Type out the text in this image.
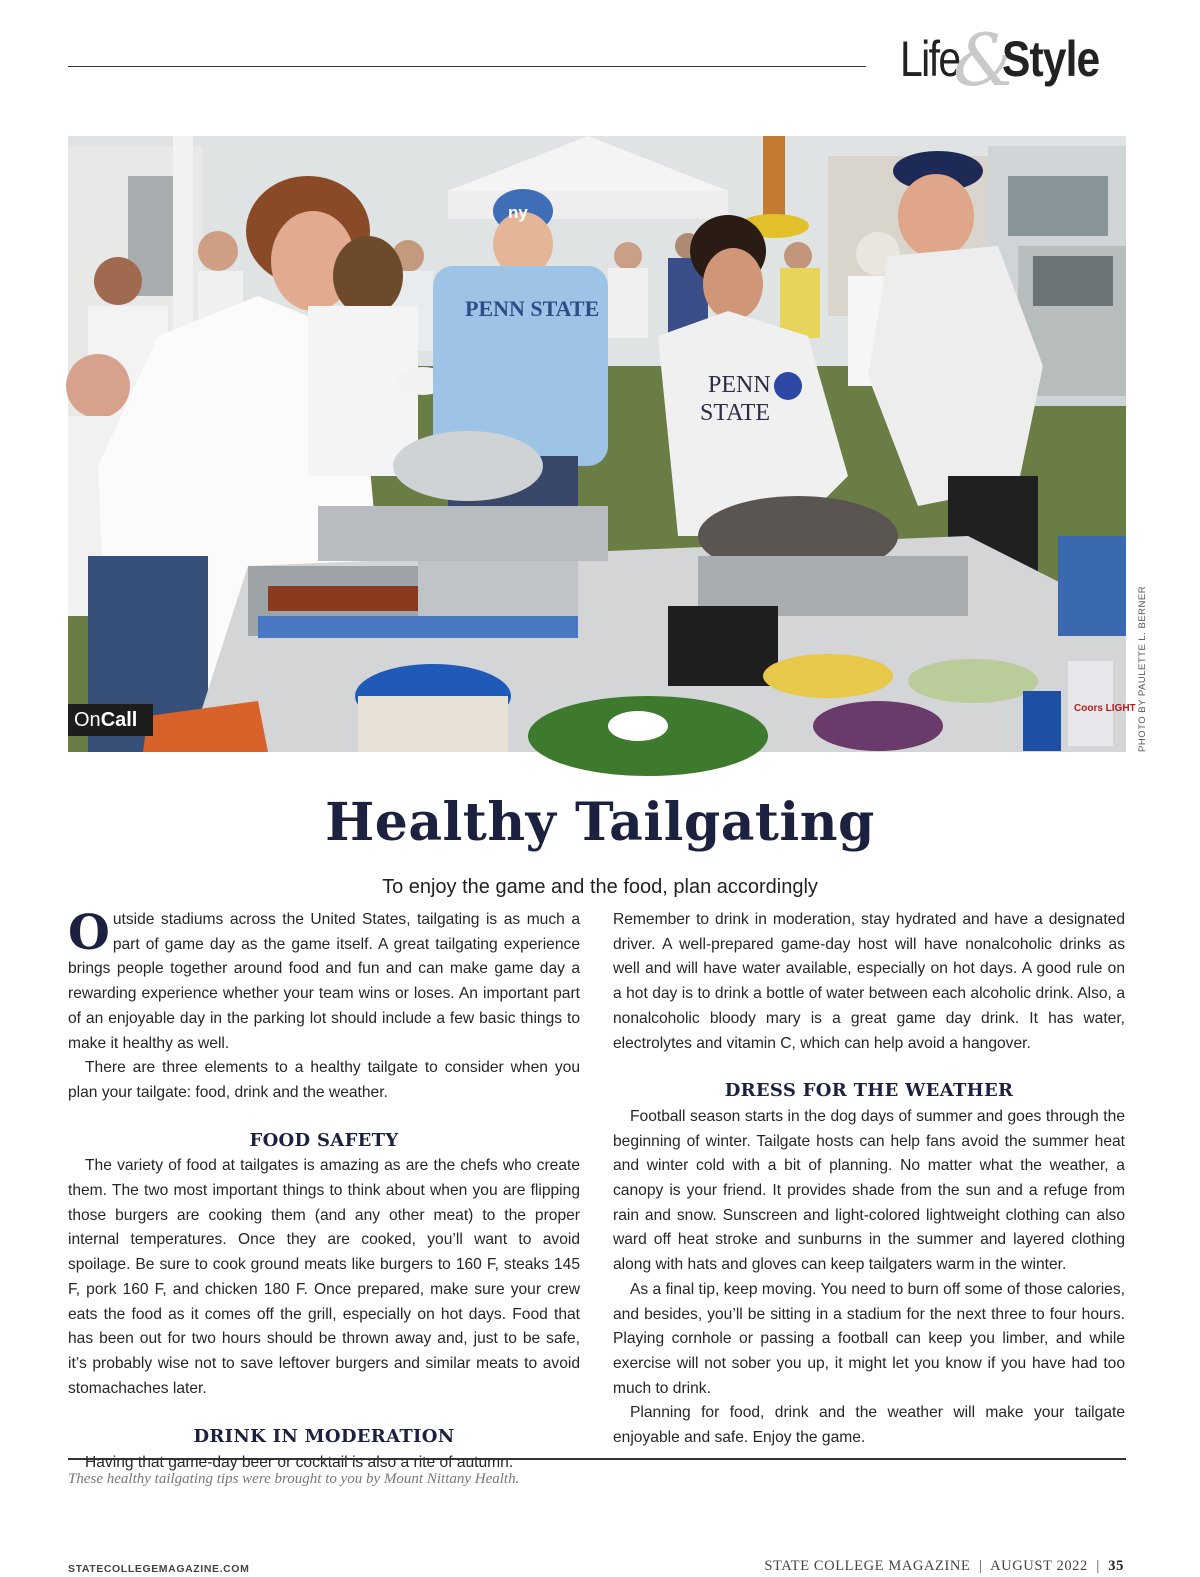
Life
&
Style
PENN STATE
ny
PENN
STATE
Coors LIGHT
OnCall	PHOTO BY PAULETTE L. BERNER
Healthy Tailgating
To enjoy the game and the food, plan accordingly

Outside stadiums across the United States, tailgating is as much a part of game day as the game itself. A great tailgating experience brings people together around food and fun and can make game day a rewarding experience whether your team wins or loses. An important part of an enjoyable day in the parking lot should include a few basic things to make it healthy as well.

There are three elements to a healthy tailgate to consider when you plan your tailgate: food, drink and the weather.

FOOD SAFETY

The variety of food at tailgates is amazing as are the chefs who create them. The two most important things to think about when you are flipping those burgers are cooking them (and any other meat) to the proper internal temperatures. Once they are cooked, you’ll want to avoid spoilage. Be sure to cook ground meats like burgers to 160 F, steaks 145 F, pork 160 F, and chicken 180 F. Once prepared, make sure your crew eats the food as it comes off the grill, especially on hot days. Food that has been out for two hours should be thrown away and, just to be safe, it’s probably wise not to save leftover burgers and similar meats to avoid stomachaches later.

DRINK IN MODERATION

Having that game-day beer or cocktail is also a rite of autumn.

Remember to drink in moderation, stay hydrated and have a designated driver. A well-prepared game-day host will have nonalcoholic drinks as well and will have water available, especially on hot days. A good rule on a hot day is to drink a bottle of water between each alcoholic drink. Also, a nonalcoholic bloody mary is a great game day drink. It has water, electrolytes and vitamin C, which can help avoid a hangover.

DRESS FOR THE WEATHER

Football season starts in the dog days of summer and goes through the beginning of winter. Tailgate hosts can help fans avoid the summer heat and winter cold with a bit of planning. No matter what the weather, a canopy is your friend. It provides shade from the sun and a refuge from rain and snow. Sunscreen and light-colored lightweight clothing can also ward off heat stroke and sunburns in the summer and layered clothing along with hats and gloves can keep tailgaters warm in the winter.

As a final tip, keep moving. You need to burn off some of those calories, and besides, you’ll be sitting in a stadium for the next three to four hours. Playing cornhole or passing a football can keep you limber, and while exercise will not sober you up, it might let you know if you have had too much to drink.

Planning for food, drink and the weather will make your tailgate enjoyable and safe. Enjoy the game.

These healthy tailgating tips were brought to you by Mount Nittany Health.
STATECOLLEGEMAGAZINE.COM	STATE COLLEGE MAGAZINE | AUGUST 2022 | 35
